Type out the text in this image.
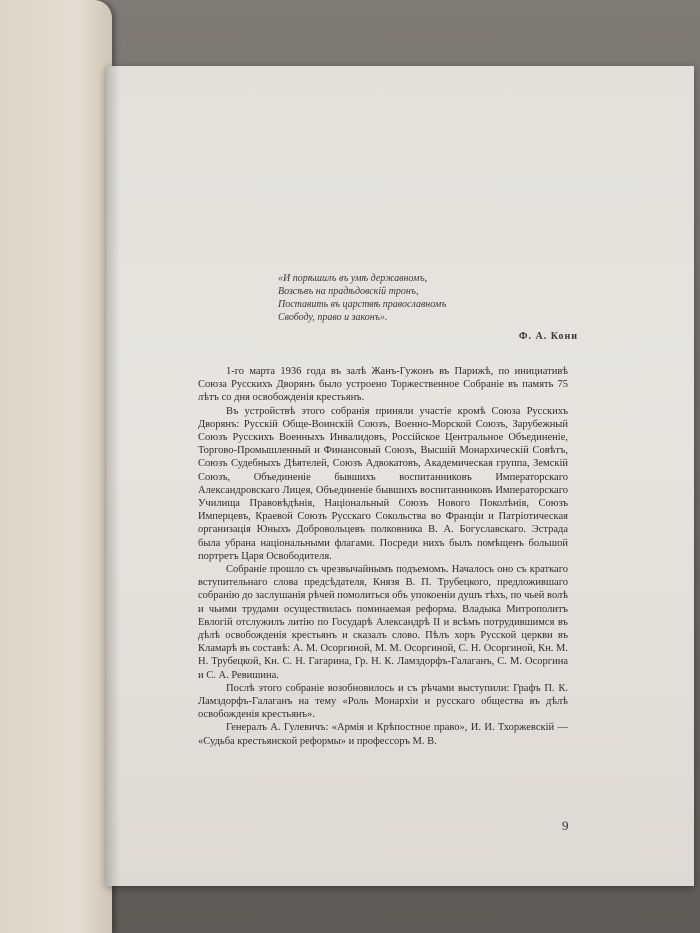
«И порѣшилъ въ умѣ державномъ,
Возсѣвъ на прадѣдовскій тронъ,
Поставить въ царствѣ православномъ
Свободу, право и законъ».
Ф. А. Кони

1-го марта 1936 года въ залѣ Жанъ-Гужонъ въ Парижѣ, по инициативѣ Союза Русскихъ Дворянъ было устроено Торжественное Собраніе въ память 75 лѣтъ со дня освобожденія крестьянъ.

Въ устройствѣ этого собранія приняли участіе кромѣ Союза Русскихъ Дворянъ: Русскій Обще-Воинскій Союзъ, Военно-Морской Союзъ, Зарубежный Союзъ Русскихъ Военныхъ Инвалидовъ, Россійское Центральное Объединеніе, Торгово-Промышленный и Финансовый Союзъ, Высшій Монархическій Совѣтъ, Союзъ Судебныхъ Дѣятелей, Союзъ Адвокатовъ, Академическая группа, Земскій Союзъ, Объединеніе бывшихъ воспитанниковъ Императорскаго Александровскаго Лицея, Объединеніе бывшихъ воспитанниковъ Императорскаго Училища Правовѣдѣнія, Національный Союзъ Нового Поколѣнія, Союзъ Имперцевъ, Краевой Союзъ Русскаго Сокольства во Франціи и Патріотическая организація Юныхъ Добровольцевъ полковника В. А. Богуславскаго. Эстрада была убрана національными флагами. Посреди нихъ былъ помѣщенъ большой портретъ Царя Освободителя.

Собраніе прошло съ чрезвычайнымъ подъемомъ. Началось оно съ краткаго вступительнаго слова предсѣдателя, Князя В. П. Трубецкого, предложившаго собранію до заслушанія рѣчей помолиться объ упокоеніи душъ тѣхъ, по чьей волѣ и чьими трудами осуществилась поминаемая реформа. Владыка Митрополитъ Евлогій отслужилъ литію по Государѣ Александрѣ II и всѣмъ потрудившимся въ дѣлѣ освобожденія крестьянъ и сказалъ слово. Пѣлъ хоръ Русской церкви въ Кламарѣ въ составѣ: А. М. Осоргиной, М. М. Осоргиной, С. Н. Осоргиной, Кн. М. Н. Трубецкой, Кн. С. Н. Гагарина, Гр. Н. К. Ламздорфъ-Галаганъ, С. М. Осоргина и С. А. Ревишина.

Послѣ этого собраніе возобновилось и съ рѣчами выступили: Графъ П. К. Ламздорфъ-Галаганъ на тему «Роль Монархіи и русскаго общества въ дѣлѣ освобожденія крестьянъ».

Генералъ А. Гулевичъ: «Армія и Крѣпостное право», И. И. Тхоржевскій — «Судьба крестьянской реформы» и профессоръ М. В.

9
